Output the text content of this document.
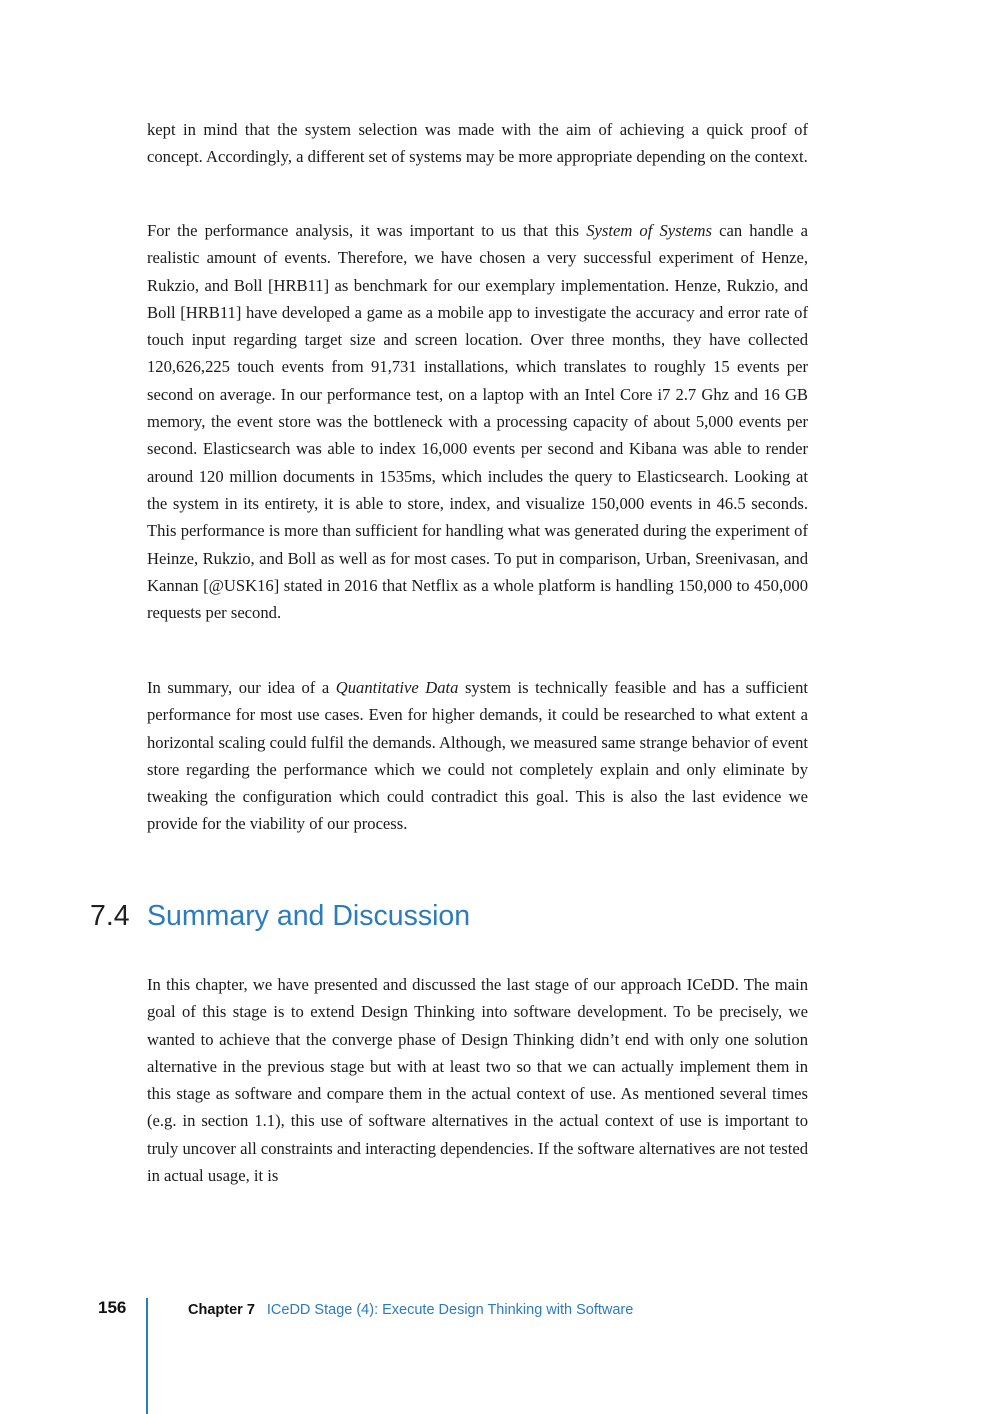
kept in mind that the system selection was made with the aim of achieving a quick proof of concept. Accordingly, a different set of systems may be more appropriate depending on the context.

For the performance analysis, it was important to us that this System of Systems can handle a realistic amount of events. Therefore, we have chosen a very successful experiment of Henze, Rukzio, and Boll [HRB11] as benchmark for our exemplary implementation. Henze, Rukzio, and Boll [HRB11] have developed a game as a mobile app to investigate the accuracy and error rate of touch input regarding target size and screen location. Over three months, they have collected 120,626,225 touch events from 91,731 installations, which translates to roughly 15 events per second on average. In our performance test, on a laptop with an Intel Core i7 2.7 Ghz and 16 GB memory, the event store was the bottleneck with a processing capacity of about 5,000 events per second. Elasticsearch was able to index 16,000 events per second and Kibana was able to render around 120 million documents in 1535ms, which includes the query to Elasticsearch. Looking at the system in its entirety, it is able to store, index, and visualize 150,000 events in 46.5 seconds. This performance is more than sufficient for handling what was generated during the experiment of Heinze, Rukzio, and Boll as well as for most cases. To put in comparison, Urban, Sreenivasan, and Kannan [@USK16] stated in 2016 that Netflix as a whole platform is handling 150,000 to 450,000 requests per second.

In summary, our idea of a Quantitative Data system is technically feasible and has a sufficient performance for most use cases. Even for higher demands, it could be researched to what extent a horizontal scaling could fulfil the demands. Although, we measured same strange behavior of event store regarding the performance which we could not completely explain and only eliminate by tweaking the configuration which could contradict this goal. This is also the last evidence we provide for the viability of our process.

7.4 Summary and Discussion

In this chapter, we have presented and discussed the last stage of our approach ICeDD. The main goal of this stage is to extend Design Thinking into software development. To be precisely, we wanted to achieve that the converge phase of Design Thinking didn’t end with only one solution alternative in the previous stage but with at least two so that we can actually implement them in this stage as software and compare them in the actual context of use. As mentioned several times (e.g. in section 1.1), this use of software alternatives in the actual context of use is important to truly uncover all constraints and interacting dependencies. If the software alternatives are not tested in actual usage, it is

156	Chapter 7 ICeDD Stage (4): Execute Design Thinking with Software
